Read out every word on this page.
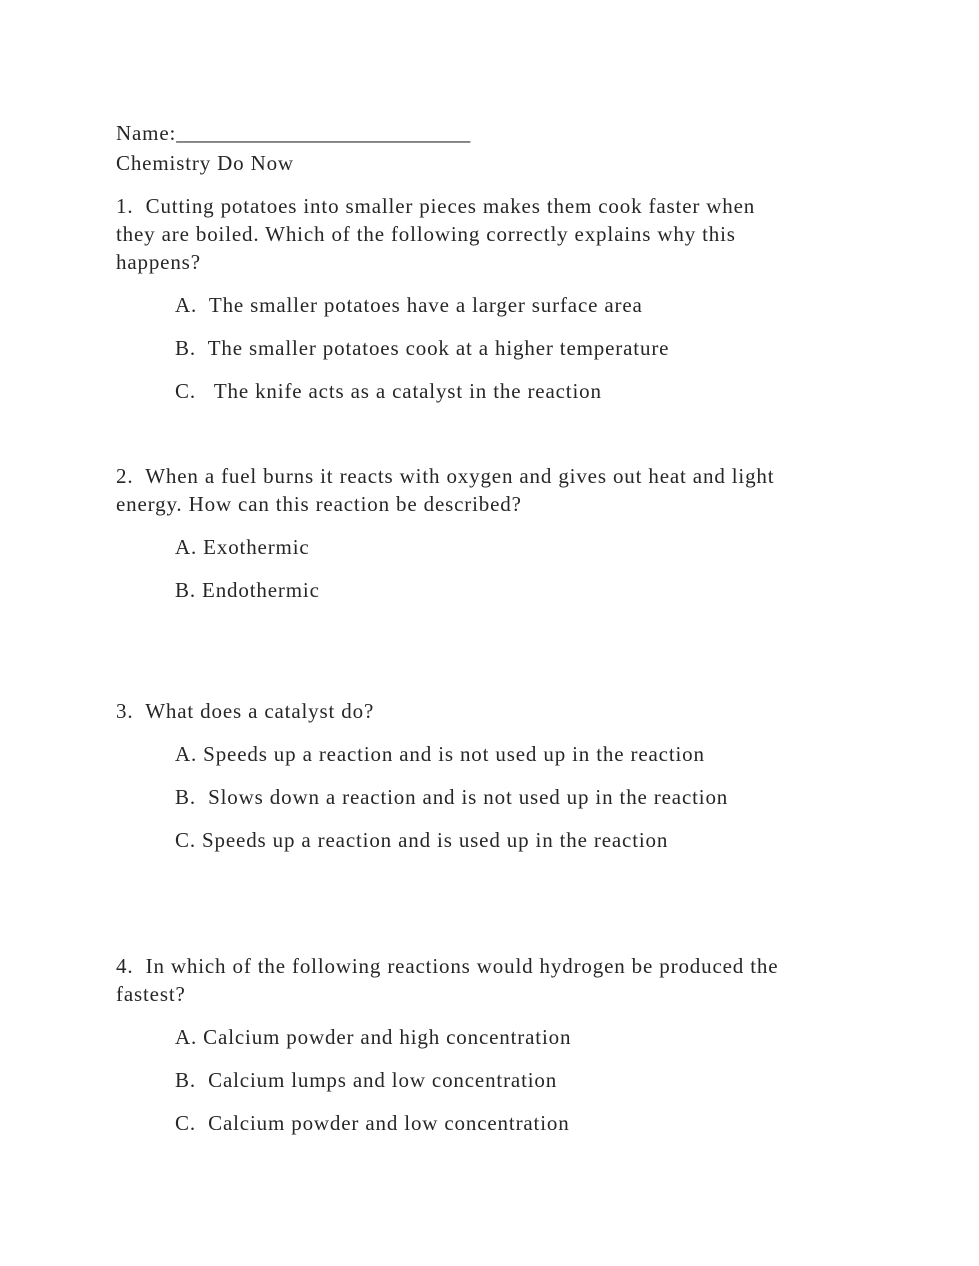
Name:____________________________
Chemistry Do Now
1.  Cutting potatoes into smaller pieces makes them cook faster when
they are boiled. Which of the following correctly explains why this
happens?
A.  The smaller potatoes have a larger surface area
B.  The smaller potatoes cook at a higher temperature
C.   The knife acts as a catalyst in the reaction
2.  When a fuel burns it reacts with oxygen and gives out heat and light
energy. How can this reaction be described?
A. Exothermic
B. Endothermic
3.  What does a catalyst do?
A. Speeds up a reaction and is not used up in the reaction
B.  Slows down a reaction and is not used up in the reaction
C. Speeds up a reaction and is used up in the reaction
4.  In which of the following reactions would hydrogen be produced the
fastest?
A. Calcium powder and high concentration
B.  Calcium lumps and low concentration
C.  Calcium powder and low concentration
